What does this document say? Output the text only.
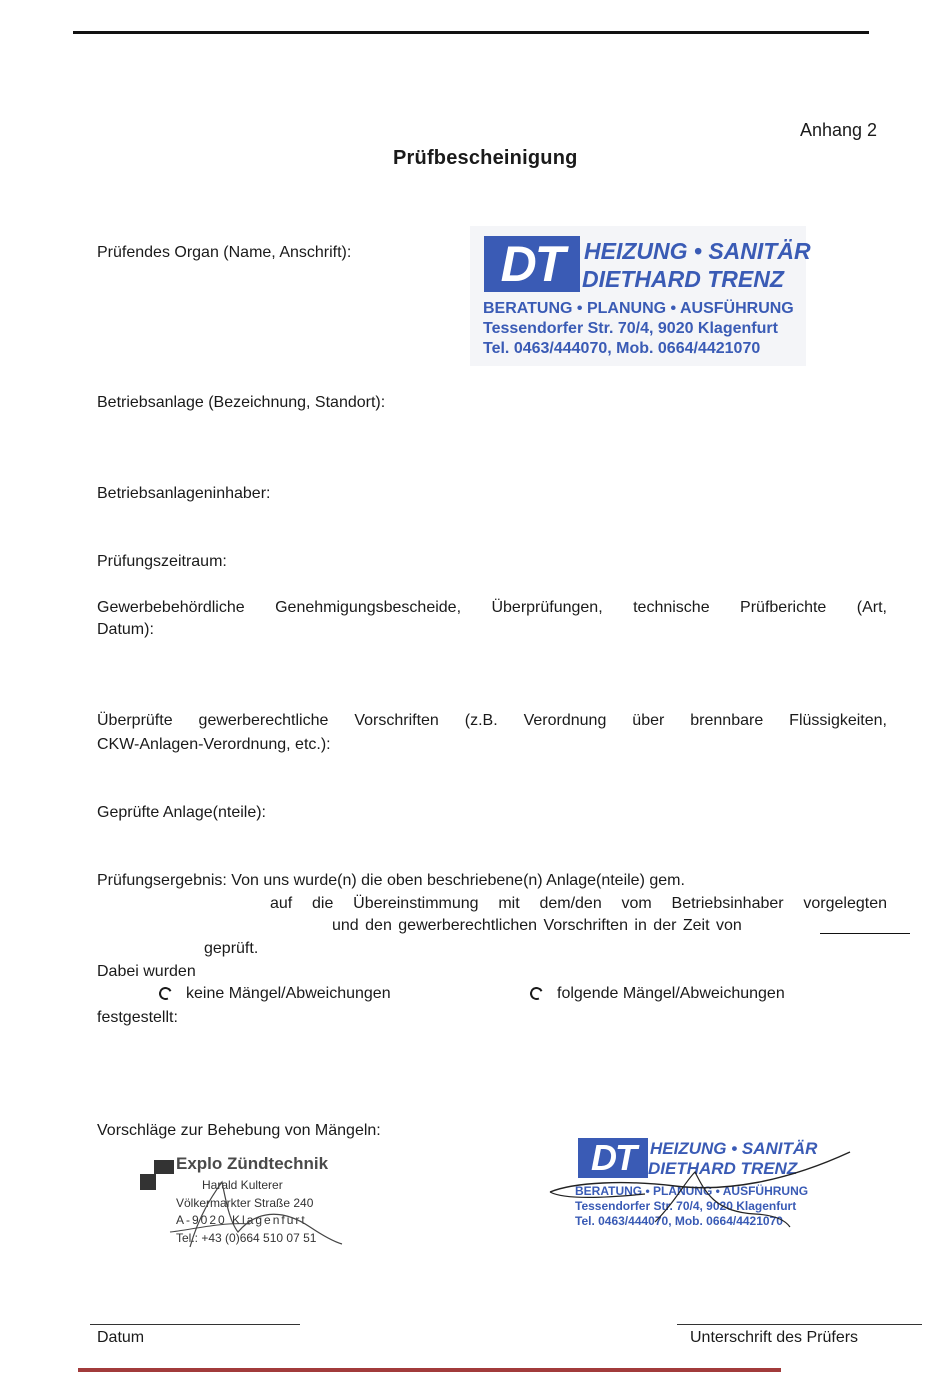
Anhang 2
Prüfbescheinigung
Prüfendes Organ (Name, Anschrift):	DT HEIZUNG • SANITÄR
DIETHARD TRENZ
BERATUNG • PLANUNG • AUSFÜHRUNG
Tessendorfer Str. 70/4, 9020 Klagenfurt
Tel. 0463/444070, Mob. 0664/4421070
Betriebsanlage (Bezeichnung, Standort):
Betriebsanlageninhaber:
Prüfungszeitraum:
Gewerbebehördliche Genehmigungsbescheide, Überprüfungen, technische Prüfberichte (Art,
Datum):
Überprüfte gewerberechtliche Vorschriften (z.B. Verordnung über brennbare Flüssigkeiten,
CKW-Anlagen-Verordnung, etc.):
Geprüfte Anlage(nteile):
Prüfungsergebnis: Von uns wurde(n) die oben beschriebene(n) Anlage(nteile) gem.
auf die Übereinstimmung mit dem/den vom Betriebsinhaber vorgelegten
und den gewerberechtlichen Vorschriften in der Zeit von
geprüft.
Dabei wurden
keine Mängel/Abweichungen	folgende Mängel/Abweichungen
festgestellt:
Vorschläge zur Behebung von Mängeln:
Explo Zündtechnik
Harald Kulterer
Völkermarkter Straße 240
A-9020 Klagenfurt
Tel.: +43 (0)664 510 07 51
DT HEIZUNG • SANITÄR
DIETHARD TRENZ
BERATUNG • PLANUNG • AUSFÜHRUNG
Tessendorfer Str. 70/4, 9020 Klagenfurt
Tel. 0463/444070, Mob. 0664/4421070
Datum	Unterschrift des Prüfers
